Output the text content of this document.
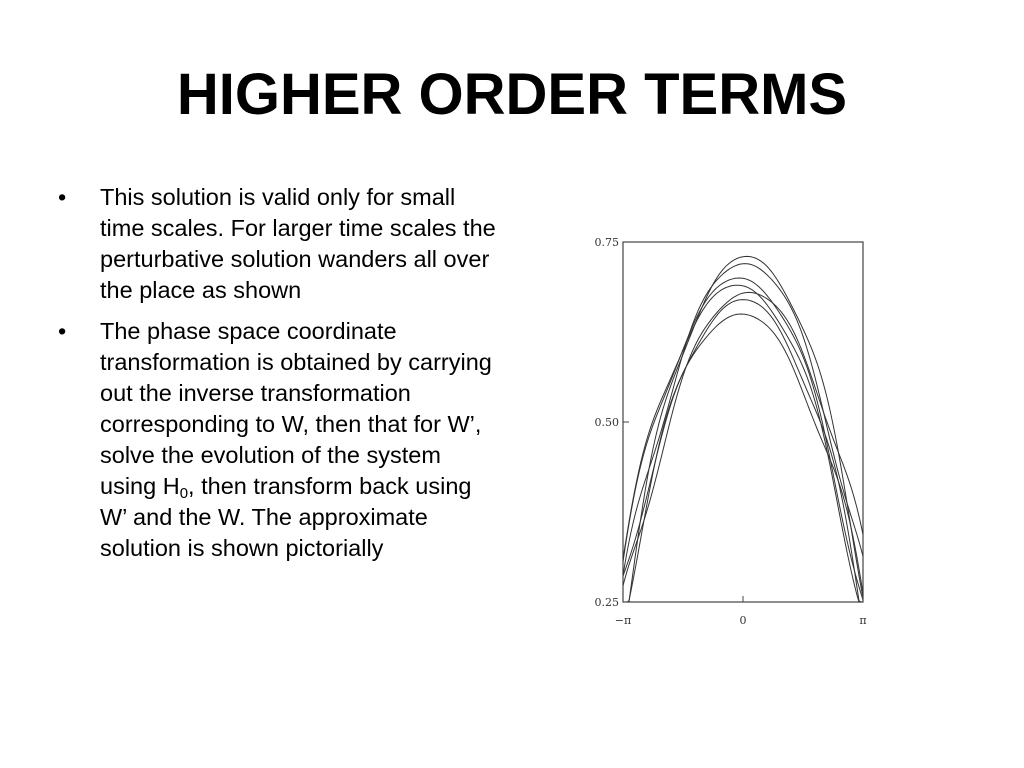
HIGHER ORDER TERMS
•	This solution is valid only for small time scales. For larger time scales the perturbative solution wanders all over the place as shown
•	The phase space coordinate transformation is obtained by carrying out the inverse transformation corresponding to W, then that for W’, solve the evolution of the system using $H_0$, then transform back using W’ and the W. The approximate solution is shown pictorially
0.75
0.50
0.25
−π	0	π
